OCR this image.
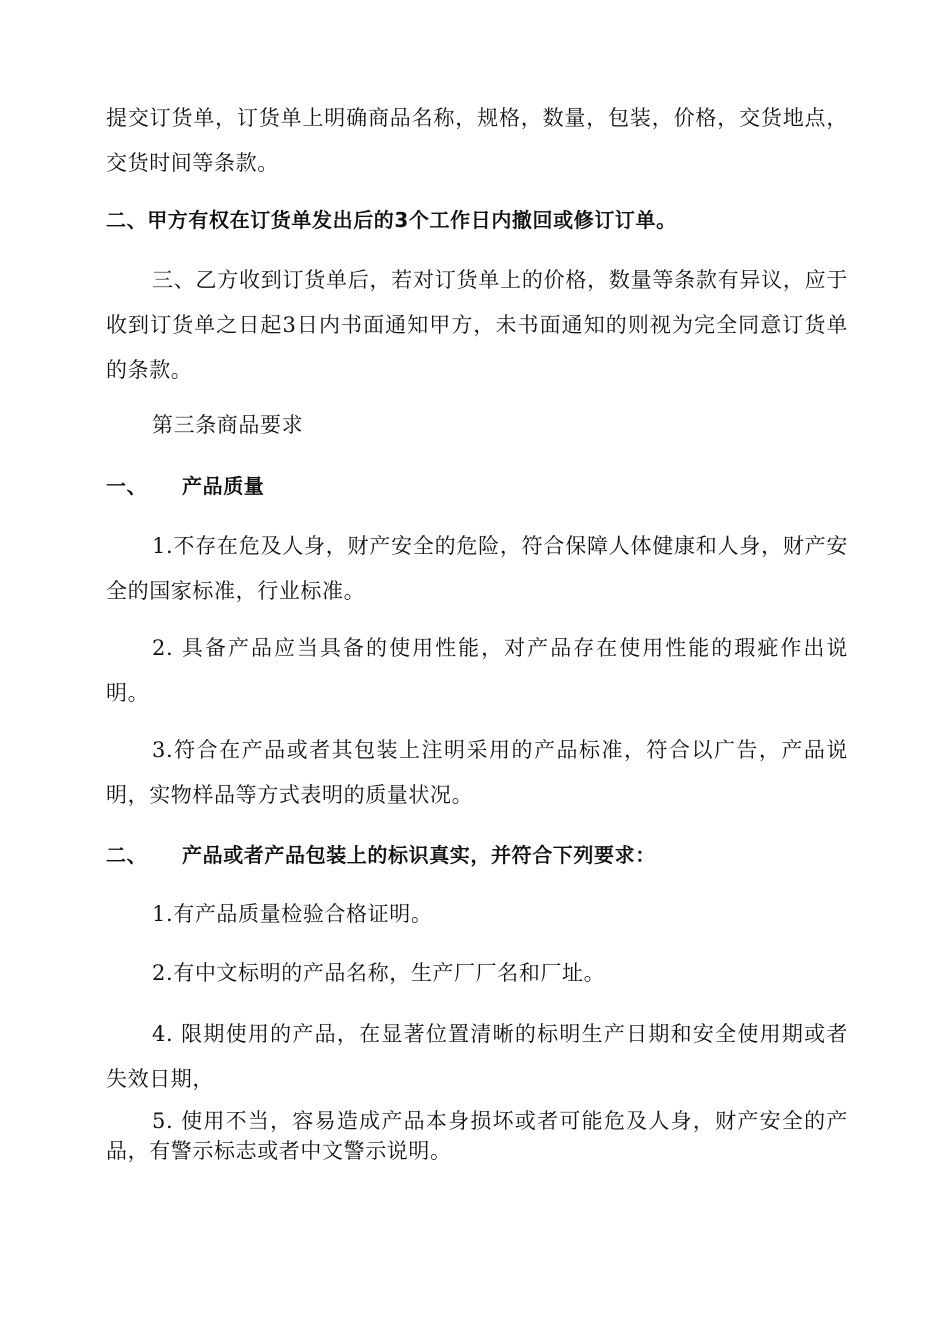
提交订货单，订货单上明确商品名称，规格，数量，包装，价格，交货地点，交货时间等条款。

二、甲方有权在订货单发出后的3个工作日内撤回或修订订单。

三、乙方收到订货单后，若对订货单上的价格，数量等条款有异议，应于收到订货单之日起3日内书面通知甲方，未书面通知的则视为完全同意订货单的条款。

第三条商品要求

一、 产品质量

1.不存在危及人身，财产安全的危险，符合保障人体健康和人身，财产安全的国家标准，行业标准。

2. 具备产品应当具备的使用性能，对产品存在使用性能的瑕疵作出说明。

3.符合在产品或者其包装上注明采用的产品标准，符合以广告，产品说明，实物样品等方式表明的质量状况。

二、 产品或者产品包装上的标识真实，并符合下列要求：

1.有产品质量检验合格证明。

2.有中文标明的产品名称，生产厂厂名和厂址。

4. 限期使用的产品，在显著位置清晰的标明生产日期和安全使用期或者失效日期，

5. 使用不当，容易造成产品本身损坏或者可能危及人身，财产安全的产品，有警示标志或者中文警示说明。
